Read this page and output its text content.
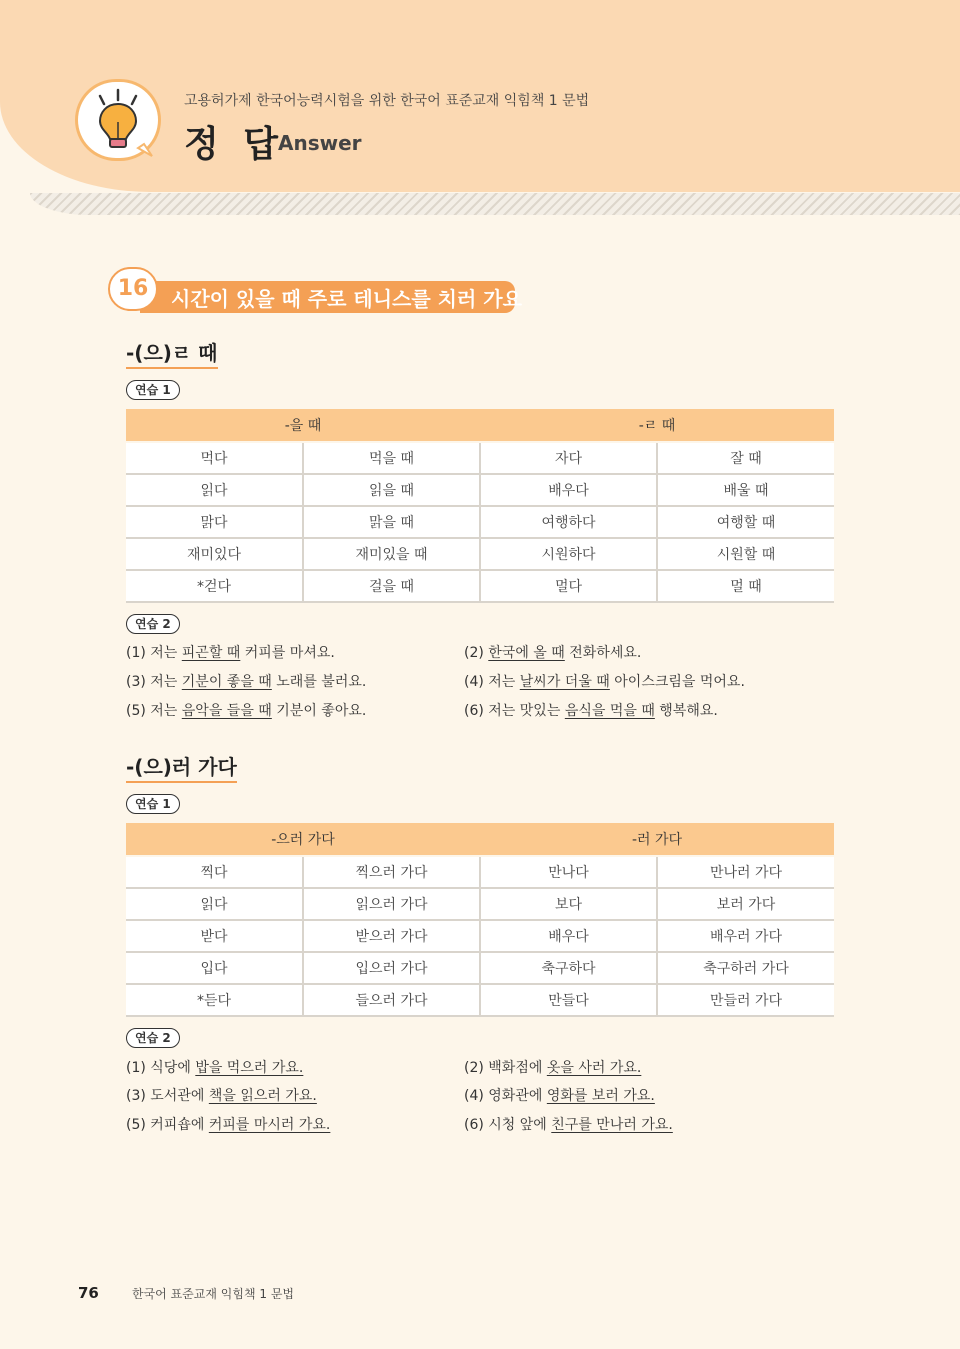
고용허가제 한국어능력시험을 위한 한국어 표준교재 익힘책 1 문법
정 답
Answer
16	시간이 있을 때 주로 테니스를 치러 가요
-(으)ㄹ 때
연습 1
-을 때		-ㄹ 때	
먹다	먹을 때	자다	잘 때
읽다	읽을 때	배우다	배울 때
맑다	맑을 때	여행하다	여행할 때
재미있다	재미있을 때	시원하다	시원할 때
*걷다	걸을 때	멀다	멀 때
연습 2
(1) 저는 피곤할 때 커피를 마셔요.	(2) 한국에 올 때 전화하세요.
(3) 저는 기분이 좋을 때 노래를 불러요.	(4) 저는 날씨가 더울 때 아이스크림을 먹어요.
(5) 저는 음악을 들을 때 기분이 좋아요.	(6) 저는 맛있는 음식을 먹을 때 행복해요.
-(으)러 가다
연습 1
-으러 가다		-러 가다	
찍다	찍으러 가다	만나다	만나러 가다
읽다	읽으러 가다	보다	보러 가다
받다	받으러 가다	배우다	배우러 가다
입다	입으러 가다	축구하다	축구하러 가다
*듣다	들으러 가다	만들다	만들러 가다
연습 2
(1) 식당에 밥을 먹으러 가요.	(2) 백화점에 옷을 사러 가요.
(3) 도서관에 책을 읽으러 가요.	(4) 영화관에 영화를 보러 가요.
(5) 커피숍에 커피를 마시러 가요.	(6) 시청 앞에 친구를 만나러 가요.
76	한국어 표준교재 익힘책 1 문법
